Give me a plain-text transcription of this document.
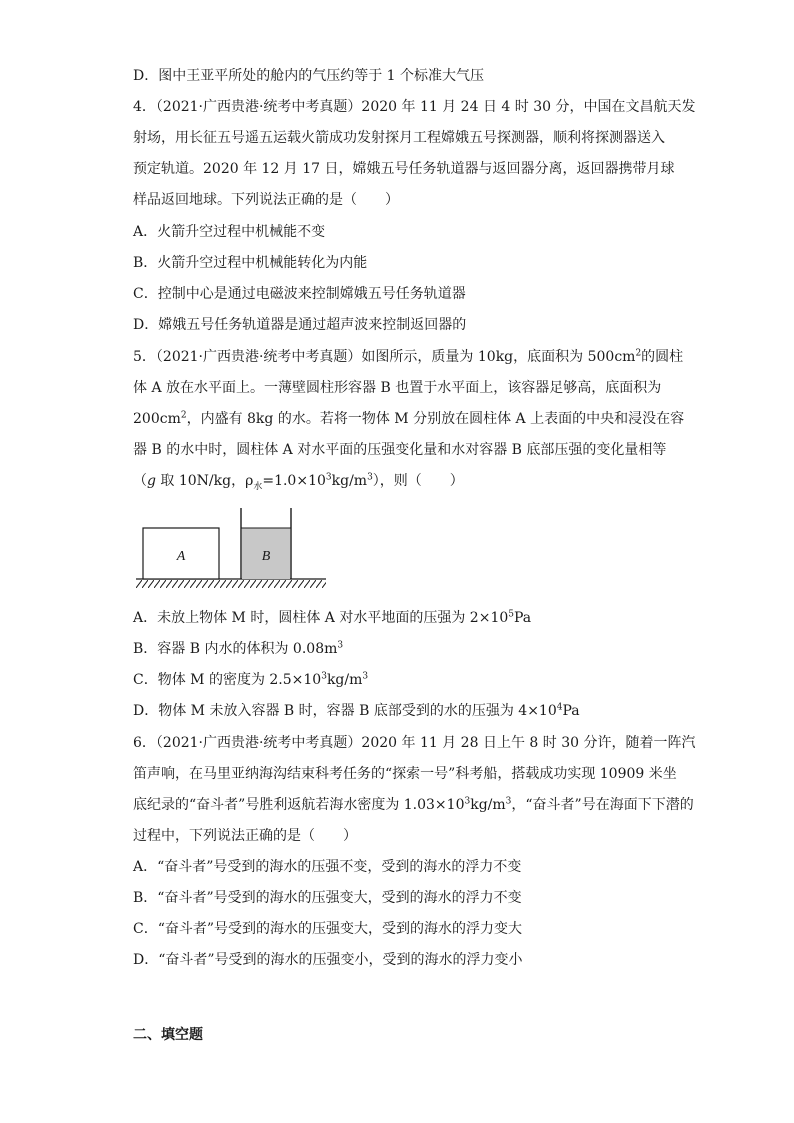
D．图中王亚平所处的舱内的气压约等于 1 个标准大气压
4．（2021·广西贵港·统考中考真题）2020 年 11 月 24 日 4 时 30 分，中国在文昌航天发
射场，用长征五号遥五运载火箭成功发射探月工程嫦娥五号探测器，顺利将探测器送入
预定轨道。2020 年 12 月 17 日，嫦娥五号任务轨道器与返回器分离，返回器携带月球
样品返回地球。下列说法正确的是（　　）
A．火箭升空过程中机械能不变
B．火箭升空过程中机械能转化为内能
C．控制中心是通过电磁波来控制嫦娥五号任务轨道器
D．嫦娥五号任务轨道器是通过超声波来控制返回器的
5．（2021·广西贵港·统考中考真题）如图所示，质量为 10kg，底面积为 $500cm^2$的圆柱
体 A 放在水平面上。一薄壁圆柱形容器 B 也置于水平面上，该容器足够高，底面积为
$200cm^2$，内盛有 8kg 的水。若将一物体 M 分别放在圆柱体 A 上表面的中央和浸没在容
器 B 的水中时，圆柱体 A 对水平面的压强变化量和水对容器 B 底部压强的变化量相等
（g 取 10N/kg，$\rho_水=1.0\times 10^3kg/m^3$），则（　　）
A	B
A．未放上物体 M 时，圆柱体 A 对水平地面的压强为 $2\times 10^5Pa$
B．容器 B 内水的体积为 $0.08m^3$
C．物体 M 的密度为 $2.5\times 10^3kg/m^3$
D．物体 M 未放入容器 B 时，容器 B 底部受到的水的压强为 $4\times 10^4Pa$
6．（2021·广西贵港·统考中考真题）2020 年 11 月 28 日上午 8 时 30 分许，随着一阵汽
笛声响，在马里亚纳海沟结束科考任务的“探索一号”科考船，搭载成功实现 10909 米坐
底纪录的“奋斗者”号胜利返航若海水密度为 $1.03\times 10^3kg/m^3$，“奋斗者”号在海面下下潜的
过程中，下列说法正确的是（　　）
A．“奋斗者”号受到的海水的压强不变，受到的海水的浮力不变
B．“奋斗者”号受到的海水的压强变大，受到的海水的浮力不变
C．“奋斗者”号受到的海水的压强变大，受到的海水的浮力变大
D．“奋斗者”号受到的海水的压强变小，受到的海水的浮力变小
二、填空题
